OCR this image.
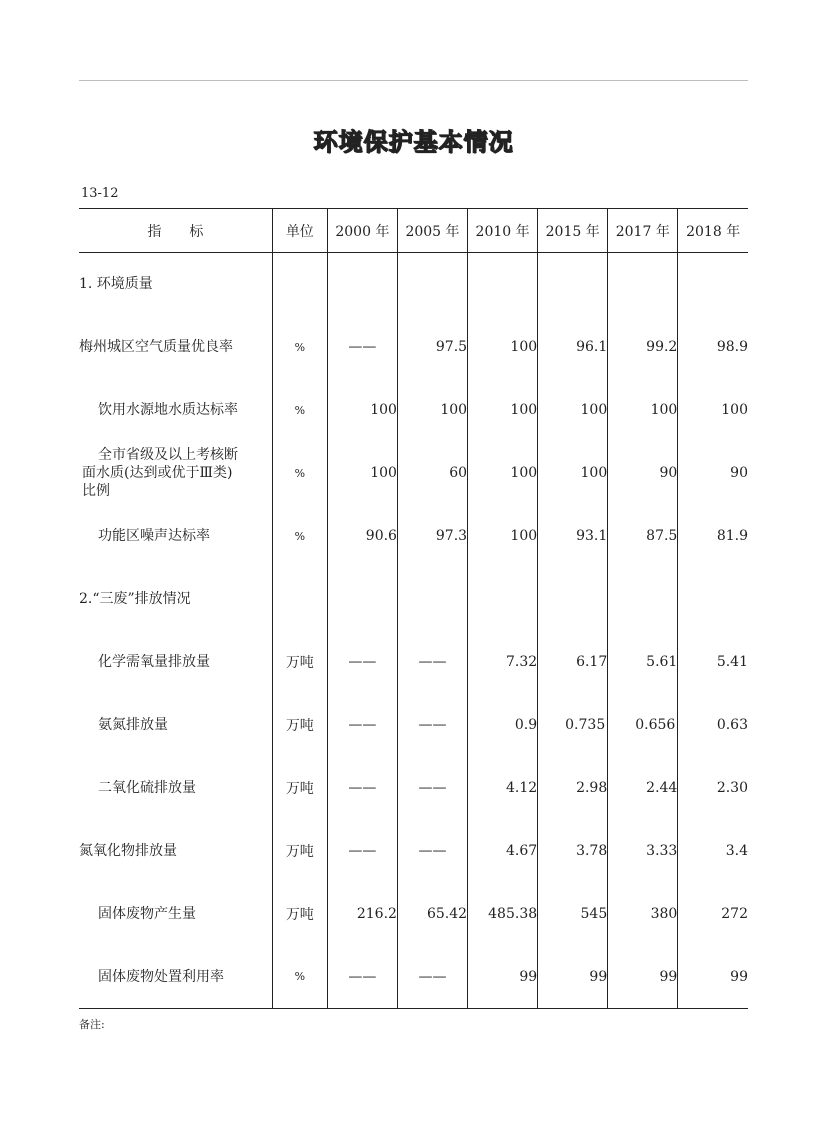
环境保护基本情况
13-12
指　　标	单位	2000 年	2005 年	2010 年	2015 年	2017 年	2018 年
1. 环境质量							
梅州城区空气质量优良率	%	——	97.5	100	96.1	99.2	98.9
饮用水源地水质达标率	%	100	100	100	100	100	100

全市省级及以上考核断
面水质(达到或优于Ⅲ类)
比例	%	100	60	100	100	90	90
功能区噪声达标率	%	90.6	97.3	100	93.1	87.5	81.9
2.“三废”排放情况							
化学需氧量排放量	万吨	——	——	7.32	6.17	5.61	5.41
氨氮排放量	万吨	——	——	0.9	0.735	0.656	0.63
二氧化硫排放量	万吨	——	——	4.12	2.98	2.44	2.30
氮氧化物排放量	万吨	——	——	4.67	3.78	3.33	3.4
固体废物产生量	万吨	216.2	65.42	485.38	545	380	272
固体废物处置利用率	%	——	——	99	99	99	99
备注:
